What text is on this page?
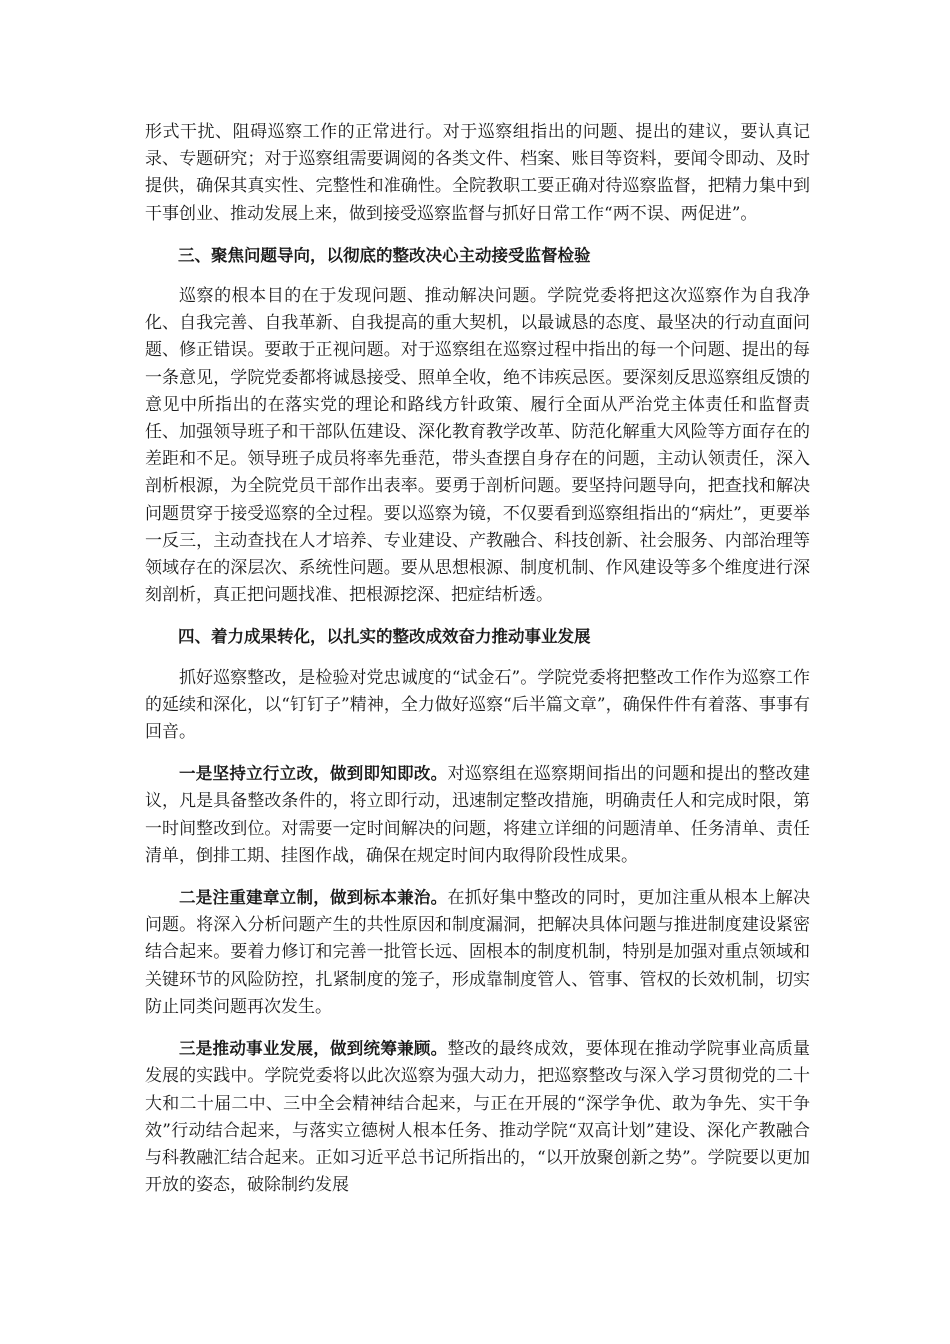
形式干扰、阻碍巡察工作的正常进行。对于巡察组指出的问题、提出的建议，要认真记录、专题研究；对于巡察组需要调阅的各类文件、档案、账目等资料，要闻令即动、及时提供，确保其真实性、完整性和准确性。全院教职工要正确对待巡察监督，把精力集中到干事创业、推动发展上来，做到接受巡察监督与抓好日常工作“两不误、两促进”。

三、聚焦问题导向，以彻底的整改决心主动接受监督检验

巡察的根本目的在于发现问题、推动解决问题。学院党委将把这次巡察作为自我净化、自我完善、自我革新、自我提高的重大契机，以最诚恳的态度、最坚决的行动直面问题、修正错误。要敢于正视问题。对于巡察组在巡察过程中指出的每一个问题、提出的每一条意见，学院党委都将诚恳接受、照单全收，绝不讳疾忌医。要深刻反思巡察组反馈的意见中所指出的在落实党的理论和路线方针政策、履行全面从严治党主体责任和监督责任、加强领导班子和干部队伍建设、深化教育教学改革、防范化解重大风险等方面存在的差距和不足。领导班子成员将率先垂范，带头查摆自身存在的问题，主动认领责任，深入剖析根源，为全院党员干部作出表率。要勇于剖析问题。要坚持问题导向，把查找和解决问题贯穿于接受巡察的全过程。要以巡察为镜，不仅要看到巡察组指出的“病灶”，更要举一反三，主动查找在人才培养、专业建设、产教融合、科技创新、社会服务、内部治理等领域存在的深层次、系统性问题。要从思想根源、制度机制、作风建设等多个维度进行深刻剖析，真正把问题找准、把根源挖深、把症结析透。

四、着力成果转化，以扎实的整改成效奋力推动事业发展

抓好巡察整改，是检验对党忠诚度的“试金石”。学院党委将把整改工作作为巡察工作的延续和深化，以“钉钉子”精神，全力做好巡察“后半篇文章”，确保件件有着落、事事有回音。

一是坚持立行立改，做到即知即改。对巡察组在巡察期间指出的问题和提出的整改建议，凡是具备整改条件的，将立即行动，迅速制定整改措施，明确责任人和完成时限，第一时间整改到位。对需要一定时间解决的问题，将建立详细的问题清单、任务清单、责任清单，倒排工期、挂图作战，确保在规定时间内取得阶段性成果。

二是注重建章立制，做到标本兼治。在抓好集中整改的同时，更加注重从根本上解决问题。将深入分析问题产生的共性原因和制度漏洞，把解决具体问题与推进制度建设紧密结合起来。要着力修订和完善一批管长远、固根本的制度机制，特别是加强对重点领域和关键环节的风险防控，扎紧制度的笼子，形成靠制度管人、管事、管权的长效机制，切实防止同类问题再次发生。

三是推动事业发展，做到统筹兼顾。整改的最终成效，要体现在推动学院事业高质量发展的实践中。学院党委将以此次巡察为强大动力，把巡察整改与深入学习贯彻党的二十大和二十届二中、三中全会精神结合起来，与正在开展的“深学争优、敢为争先、实干争效”行动结合起来，与落实立德树人根本任务、推动学院“双高计划”建设、深化产教融合与科教融汇结合起来。正如习近平总书记所指出的，“以开放聚创新之势”。学院要以更加开放的姿态，破除制约发展
